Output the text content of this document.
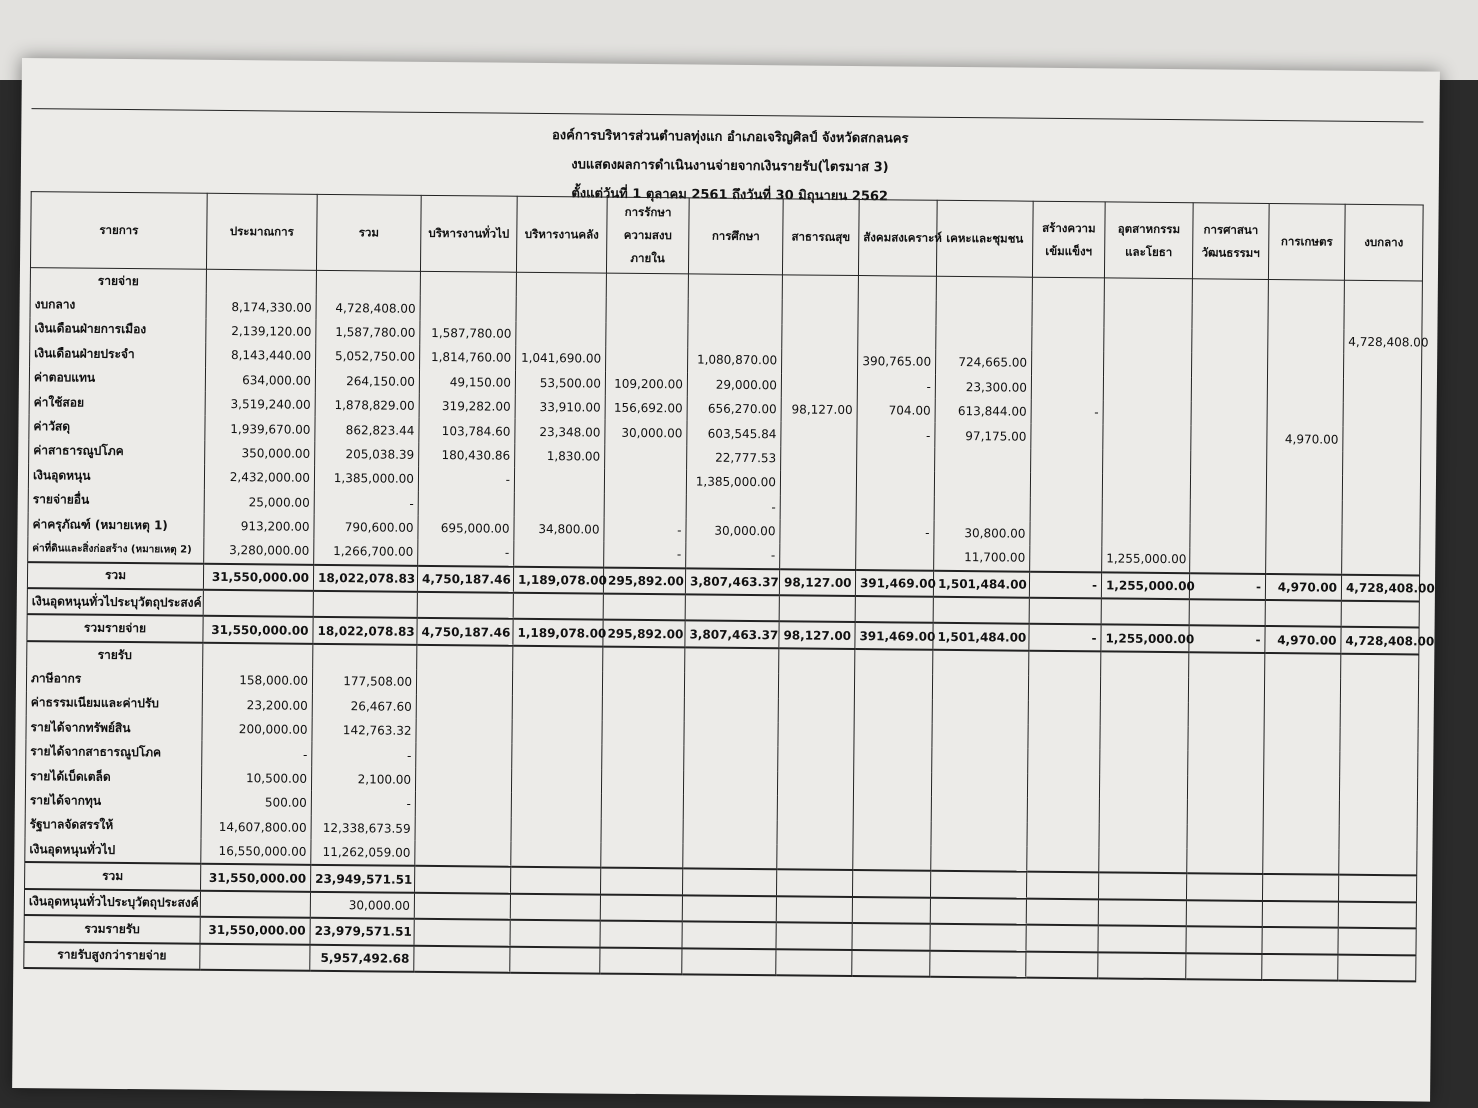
องค์การบริหารส่วนตำบลทุ่งแก อำเภอเจริญศิลป์ จังหวัดสกลนคร
งบแสดงผลการดำเนินงานจ่ายจากเงินรายรับ(ไตรมาส 3)
ตั้งแต่วันที่ 1 ตุลาคม 2561 ถึงวันที่ 30 มิถุนายน 2562
รายการ	ประมาณการ	รวม	บริหารงานทั่วไป	บริหารงานคลัง	การรักษาความสงบภายใน	การศึกษา	สาธารณสุข	สังคมสงเคราะห์	เคหะและชุมชน	สร้างความเข้มแข็งฯ	อุตสาหกรรมและโยธา	การศาสนาวัฒนธรรมฯ	การเกษตร	งบกลาง
รายจ่าย														
งบกลาง	8,174,330.00	4,728,408.00												
เงินเดือนฝ่ายการเมือง	2,139,120.00	1,587,780.00	1,587,780.00											4,728,408.00
เงินเดือนฝ่ายประจำ	8,143,440.00	5,052,750.00	1,814,760.00	1,041,690.00		1,080,870.00		390,765.00	724,665.00					
ค่าตอบแทน	634,000.00	264,150.00	49,150.00	53,500.00	109,200.00	29,000.00		-	23,300.00					
ค่าใช้สอย	3,519,240.00	1,878,829.00	319,282.00	33,910.00	156,692.00	656,270.00	98,127.00	704.00	613,844.00	-				
ค่าวัสดุ	1,939,670.00	862,823.44	103,784.60	23,348.00	30,000.00	603,545.84		-	97,175.00				4,970.00	
ค่าสาธารณูปโภค	350,000.00	205,038.39	180,430.86	1,830.00		22,777.53								
เงินอุดหนุน	2,432,000.00	1,385,000.00	-			1,385,000.00								
รายจ่ายอื่น	25,000.00	-				-								
ค่าครุภัณฑ์ (หมายเหตุ 1)	913,200.00	790,600.00	695,000.00	34,800.00	-	30,000.00		-	30,800.00					
ค่าที่ดินและสิ่งก่อสร้าง (หมายเหตุ 2)	3,280,000.00	1,266,700.00	-		-	-			11,700.00		1,255,000.00			
รวม	31,550,000.00	18,022,078.83	4,750,187.46	1,189,078.00	295,892.00	3,807,463.37	98,127.00	391,469.00	1,501,484.00	-	1,255,000.00	-	4,970.00	4,728,408.00
เงินอุดหนุนทั่วไประบุวัตถุประสงค์														
รวมรายจ่าย	31,550,000.00	18,022,078.83	4,750,187.46	1,189,078.00	295,892.00	3,807,463.37	98,127.00	391,469.00	1,501,484.00	-	1,255,000.00	-	4,970.00	4,728,408.00
รายรับ														
ภาษีอากร	158,000.00	177,508.00												
ค่าธรรมเนียมและค่าปรับ	23,200.00	26,467.60												
รายได้จากทรัพย์สิน	200,000.00	142,763.32												
รายได้จากสาธารณูปโภค	-	-												
รายได้เบ็ดเตล็ด	10,500.00	2,100.00												
รายได้จากทุน	500.00	-												
รัฐบาลจัดสรรให้	14,607,800.00	12,338,673.59												
เงินอุดหนุนทั่วไป	16,550,000.00	11,262,059.00												
รวม	31,550,000.00	23,949,571.51												
เงินอุดหนุนทั่วไประบุวัตถุประสงค์		30,000.00												
รวมรายรับ	31,550,000.00	23,979,571.51												
รายรับสูงกว่ารายจ่าย		5,957,492.68												
